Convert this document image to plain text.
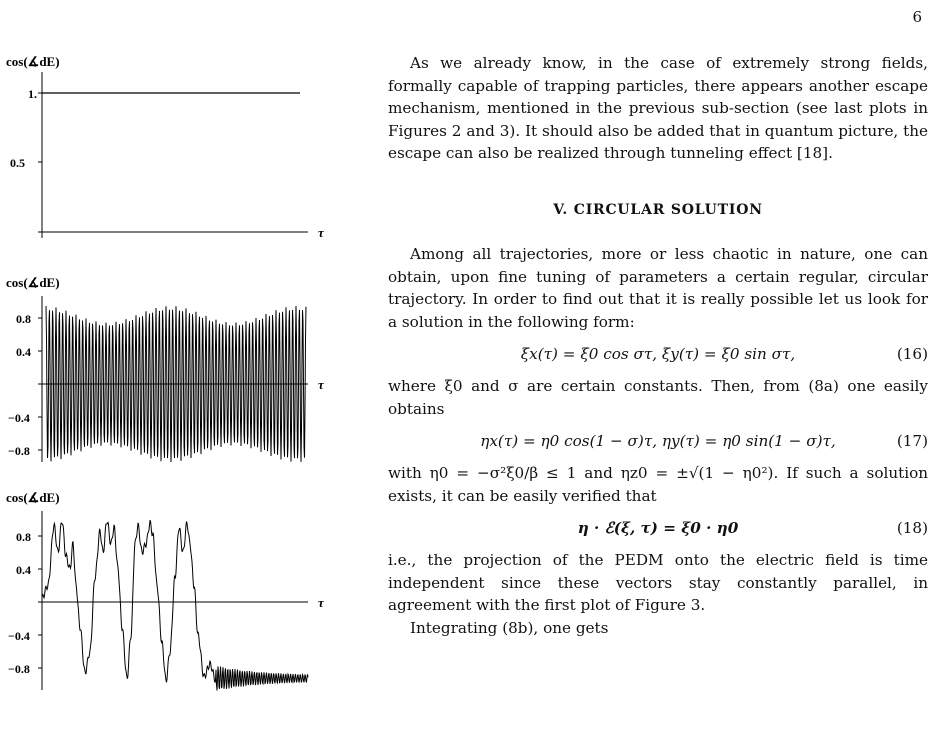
6
cos(∡dE)
1.
0.5
τ
cos(∡dE)
0.8
0.4
−0.4
−0.8
τ
cos(∡dE)
0.8
0.4
−0.4
−0.8
τ

As we already know, in the case of extremely strong fields, formally capable of trapping particles, there appears another escape mechanism, mentioned in the previous sub-section (see last plots in Figures 2 and 3). It should also be added that in quantum picture, the escape can also be realized through tunneling effect [18].

V. CIRCULAR SOLUTION

Among all trajectories, more or less chaotic in nature, one can obtain, upon fine tuning of parameters a certain regular, circular trajectory. In order to find out that it is really possible let us look for a solution in the following form:

ξx(τ) = ξ0 cos στ, ξy(τ) = ξ0 sin στ,	(16)

where ξ0 and σ are certain constants. Then, from (8a) one easily obtains

ηx(τ) = η0 cos(1 − σ)τ, ηy(τ) = η0 sin(1 − σ)τ,	(17)

with η0 = −σ²ξ0/β ≤ 1 and ηz0 = ±√(1 − η0²). If such a solution exists, it can be easily verified that

η · ℰ(ξ, τ) = ξ0 · η0	(18)

i.e., the projection of the PEDM onto the electric field is time independent since these vectors stay constantly parallel, in agreement with the first plot of Figure 3.

Integrating (8b), one gets
